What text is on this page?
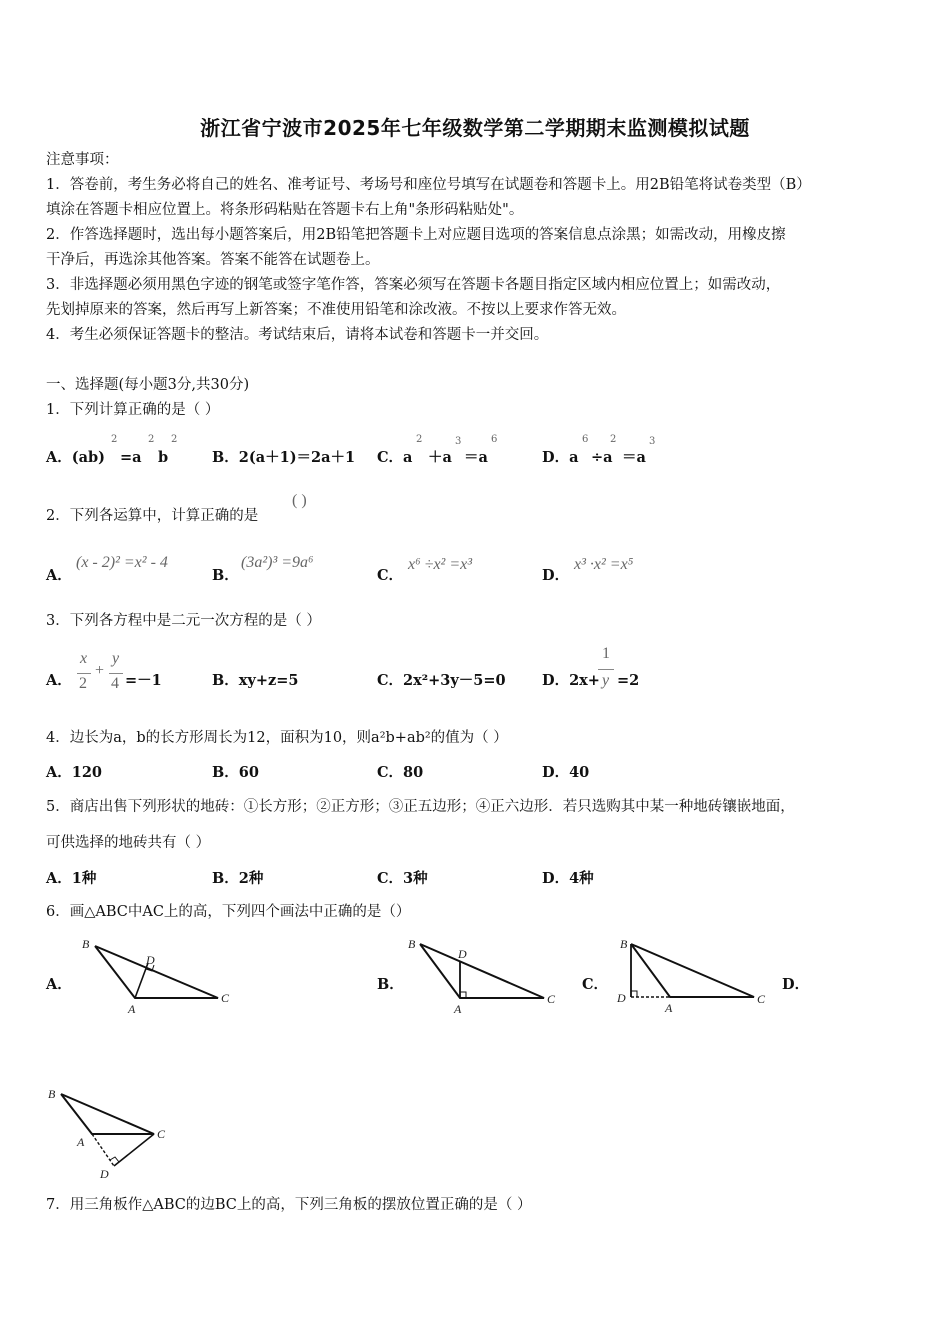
浙江省宁波市2025年七年级数学第二学期期末监测模拟试题
注意事项：
1．答卷前，考生务必将自己的姓名、准考证号、考场号和座位号填写在试题卷和答题卡上。用2B铅笔将试卷类型（B）
填涂在答题卡相应位置上。将条形码粘贴在答题卡右上角"条形码粘贴处"。
2．作答选择题时，选出每小题答案后，用2B铅笔把答题卡上对应题目选项的答案信息点涂黑；如需改动，用橡皮擦
干净后，再选涂其他答案。答案不能答在试题卷上。
3．非选择题必须用黑色字迹的钢笔或签字笔作答，答案必须写在答题卡各题目指定区域内相应位置上；如需改动，
先划掉原来的答案，然后再写上新答案；不准使用铅笔和涂改液。不按以上要求作答无效。
4．考生必须保证答题卡的整洁。考试结束后，请将本试卷和答题卡一并交回。
一、选择题(每小题3分,共30分)
1．下列计算正确的是（ ）
A．(ab)
2
=a
2
b
2
B．2(a＋1)＝2a＋1 C．a
2
＋a
3
＝a
6
D．a
6
÷a
2
＝a
3
2．下列各运算中，计算正确的是
( )
A．
(x - 2)² =x² - 4
B．
(3a²)³ =9a⁶
C．
x⁶ ÷x² =x³
D．
x³ ·x² =x⁵
3．下列各方程中是二元一次方程的是（ ）
A．
x
2
+
y
4 =－1	B．xy+z=5	C．2x²+3y－5=0	D．2x+
1
y =2
4．边长为a，b的长方形周长为12，面积为10，则a²b+ab²的值为（ ）
A．120	B．60	C．80	D．40
5．商店出售下列形状的地砖：①长方形；②正方形；③正五边形；④正六边形．若只选购其中某一种地砖镶嵌地面，
可供选择的地砖共有（ ）
A．1种	B．2种	C．3种	D．4种
6．画△ABC中AC上的高，下列四个画法中正确的是（）
A．	B．	C．	D．
B
D
A
C
B
D
A
C
B
D
A
C
B
A
C
D
7．用三角板作△ABC的边BC上的高，下列三角板的摆放位置正确的是（ ）
